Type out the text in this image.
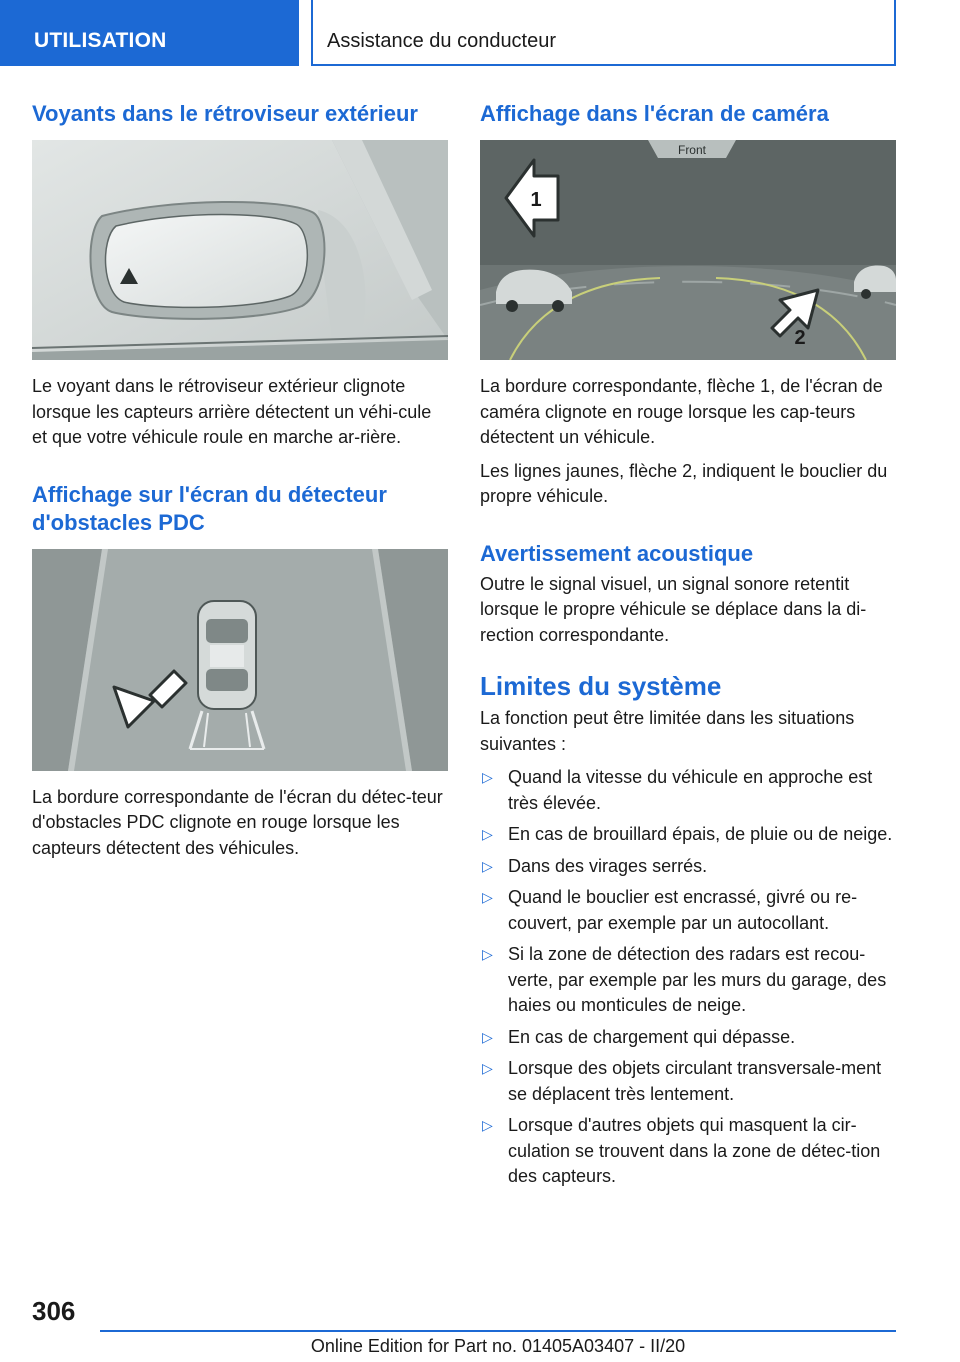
UTILISATION	Assistance du conducteur
Voyants dans le rétroviseur extérieur

Le voyant dans le rétroviseur extérieur clignote lorsque les capteurs arrière détectent un véhi-cule et que votre véhicule roule en marche ar-rière.

Affichage sur l'écran du détecteur d'obstacles PDC

La bordure correspondante de l'écran du détec-teur d'obstacles PDC clignote en rouge lorsque les capteurs détectent des véhicules.

Affichage dans l'écran de caméra
Front
1
2

La bordure correspondante, flèche 1, de l'écran de caméra clignote en rouge lorsque les cap-teurs détectent un véhicule.

Les lignes jaunes, flèche 2, indiquent le bouclier du propre véhicule.

Avertissement acoustique

Outre le signal visuel, un signal sonore retentit lorsque le propre véhicule se déplace dans la di-rection correspondante.

Limites du système

La fonction peut être limitée dans les situations suivantes :

▷ Quand la vitesse du véhicule en approche est très élevée.
▷ En cas de brouillard épais, de pluie ou de neige.
▷ Dans des virages serrés.
▷ Quand le bouclier est encrassé, givré ou re-couvert, par exemple par un autocollant.
▷ Si la zone de détection des radars est recou-verte, par exemple par les murs du garage, des haies ou monticules de neige.
▷ En cas de chargement qui dépasse.
▷ Lorsque des objets circulant transversale-ment se déplacent très lentement.
▷ Lorsque d'autres objets qui masquent la cir-culation se trouvent dans la zone de détec-tion des capteurs.
306
Online Edition for Part no. 01405A03407 - II/20
